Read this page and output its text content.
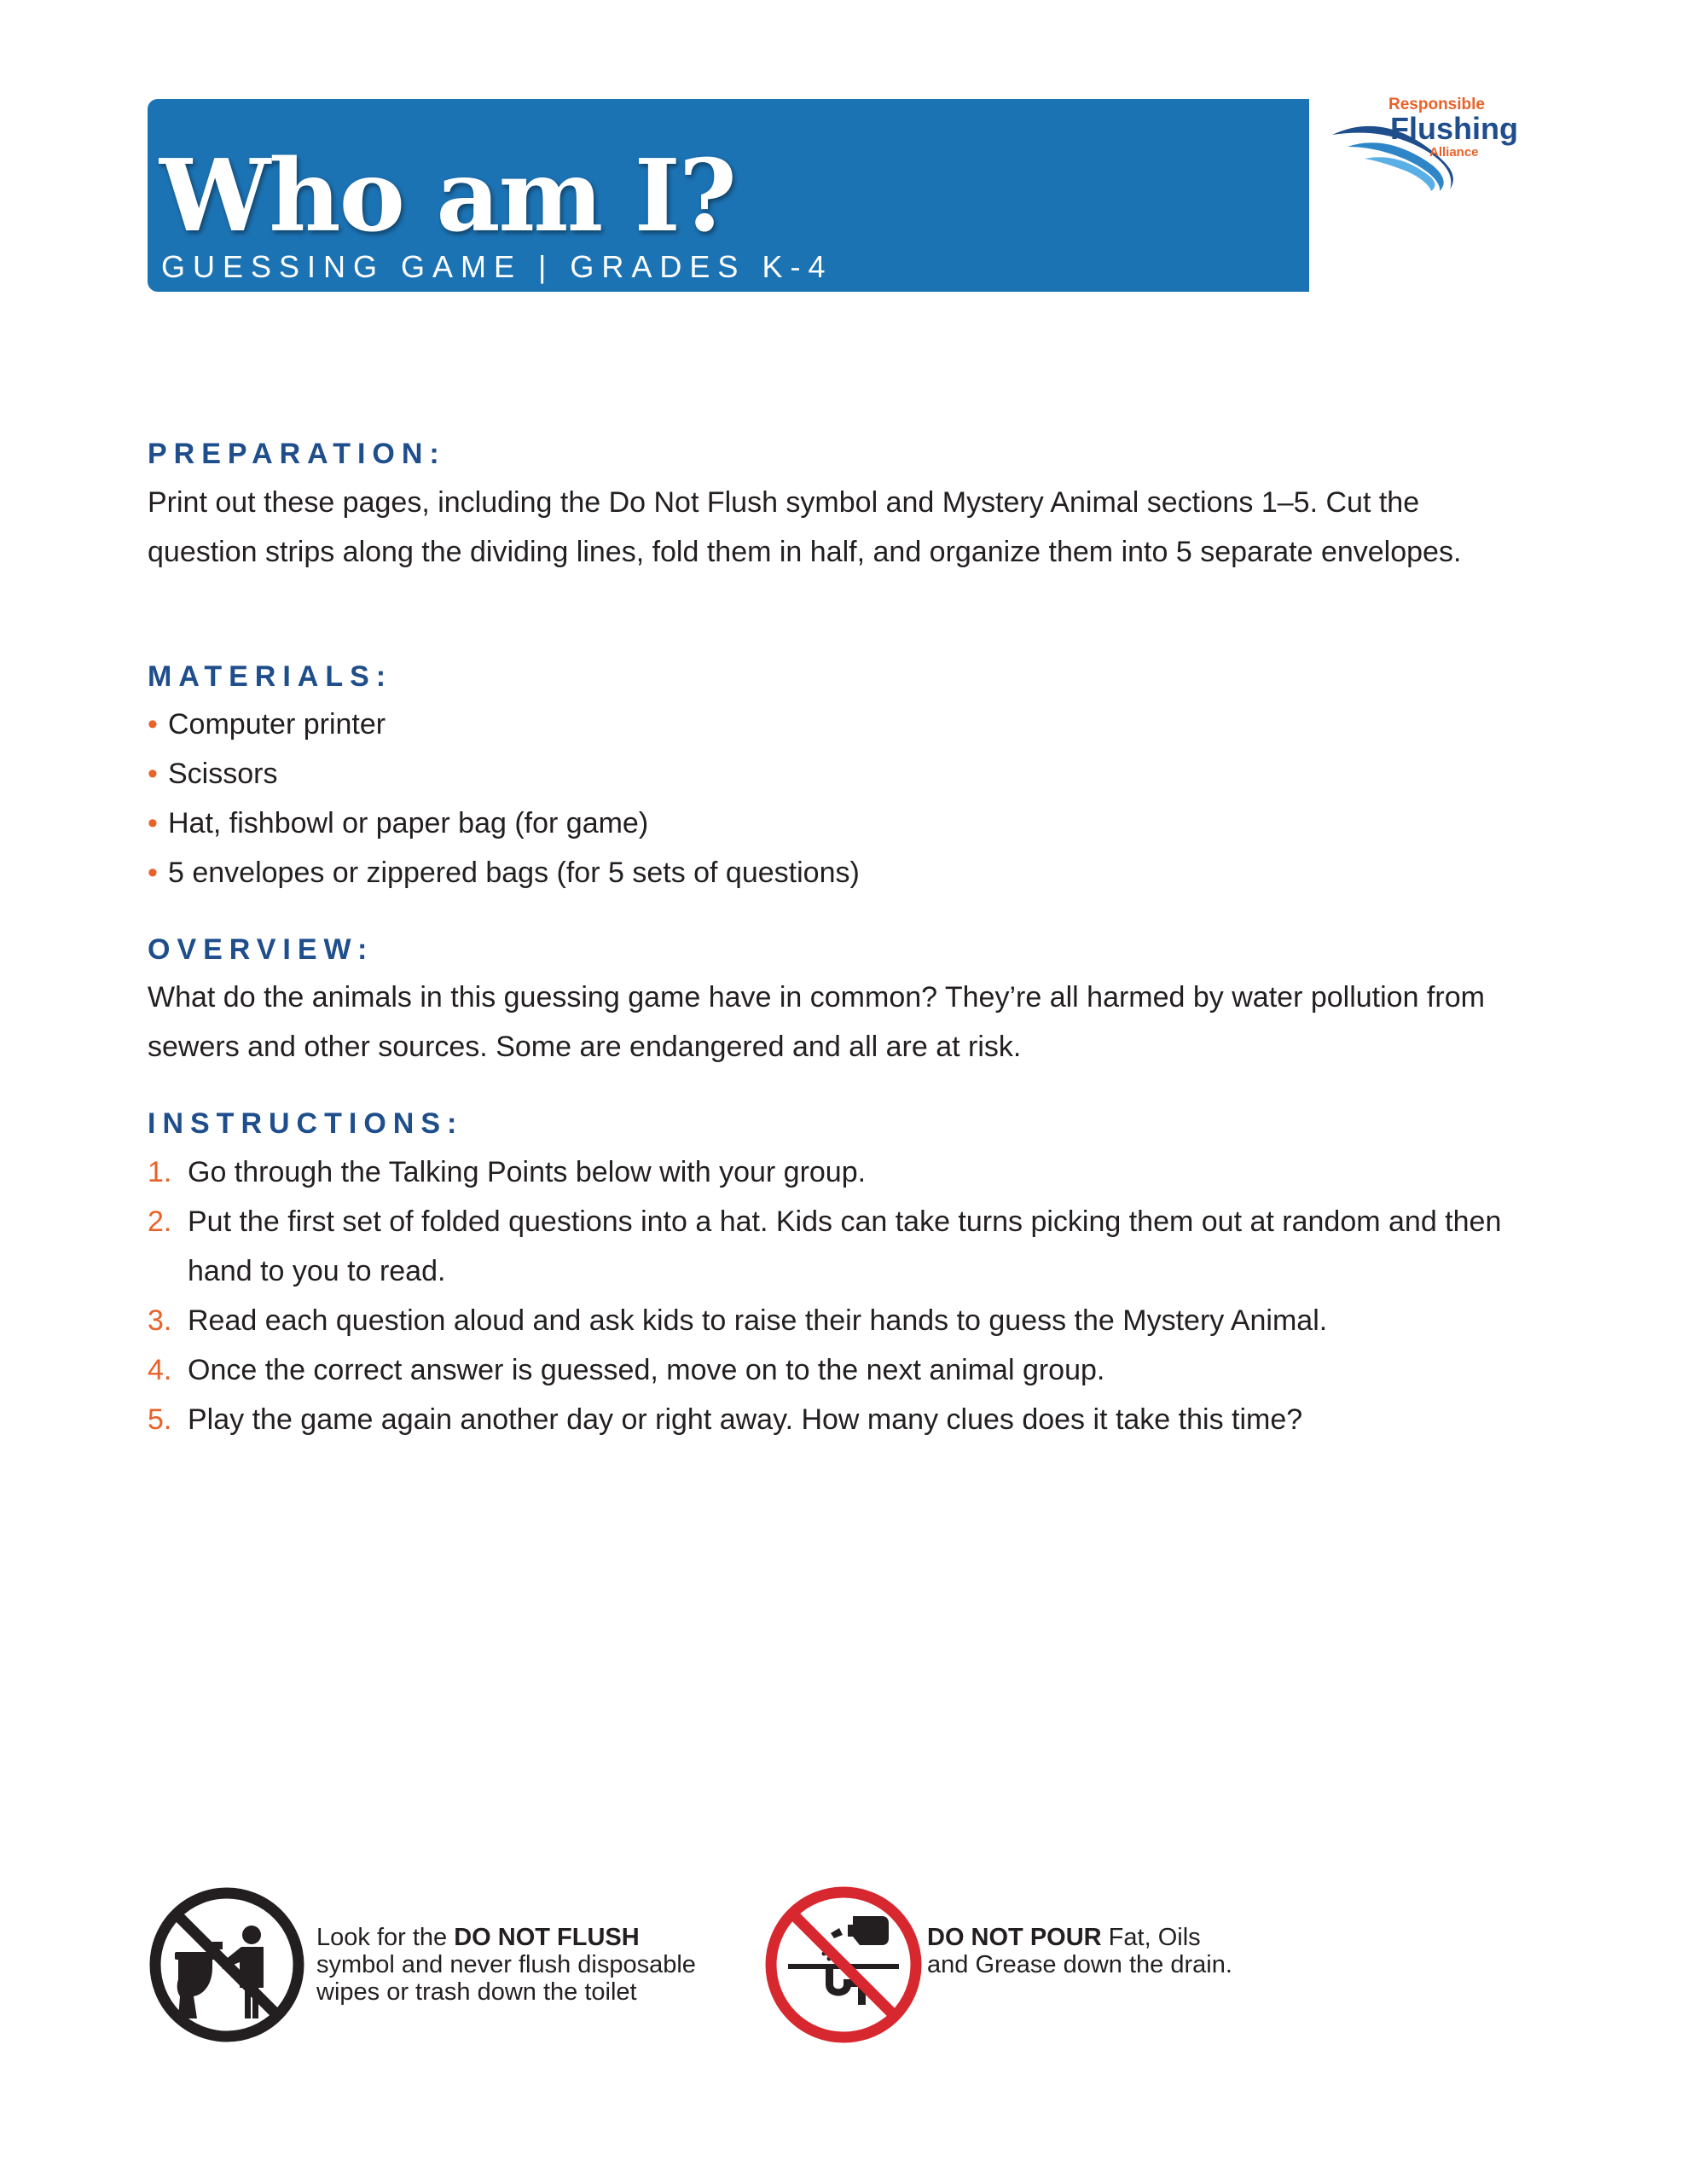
Who am I?
GUESSING GAME | GRADES K-4
Responsible
Flushing
Alliance
PREPARATION:

Print out these pages, including the Do Not Flush symbol and Mystery Animal sections 1–5. Cut the question strips along the dividing lines, fold them in half, and organize them into 5 separate envelopes.

MATERIALS:
• Computer printer
• Scissors
• Hat, fishbowl or paper bag (for game)
• 5 envelopes or zippered bags (for 5 sets of questions)
OVERVIEW:

What do the animals in this guessing game have in common? They’re all harmed by water pollution from sewers and other sources. Some are endangered and all are at risk.

INSTRUCTIONS:
1. Go through the Talking Points below with your group.
2. Put the first set of folded questions into a hat. Kids can take turns picking them out at random and then hand to you to read.
3. Read each question aloud and ask kids to raise their hands to guess the Mystery Animal.
4. Once the correct answer is guessed, move on to the next animal group.
5. Play the game again another day or right away. How many clues does it take this time?
Look for the DO NOT FLUSH
symbol and never flush disposable wipes or trash down the toilet
DO NOT POUR Fat, Oils
and Grease down the drain.
